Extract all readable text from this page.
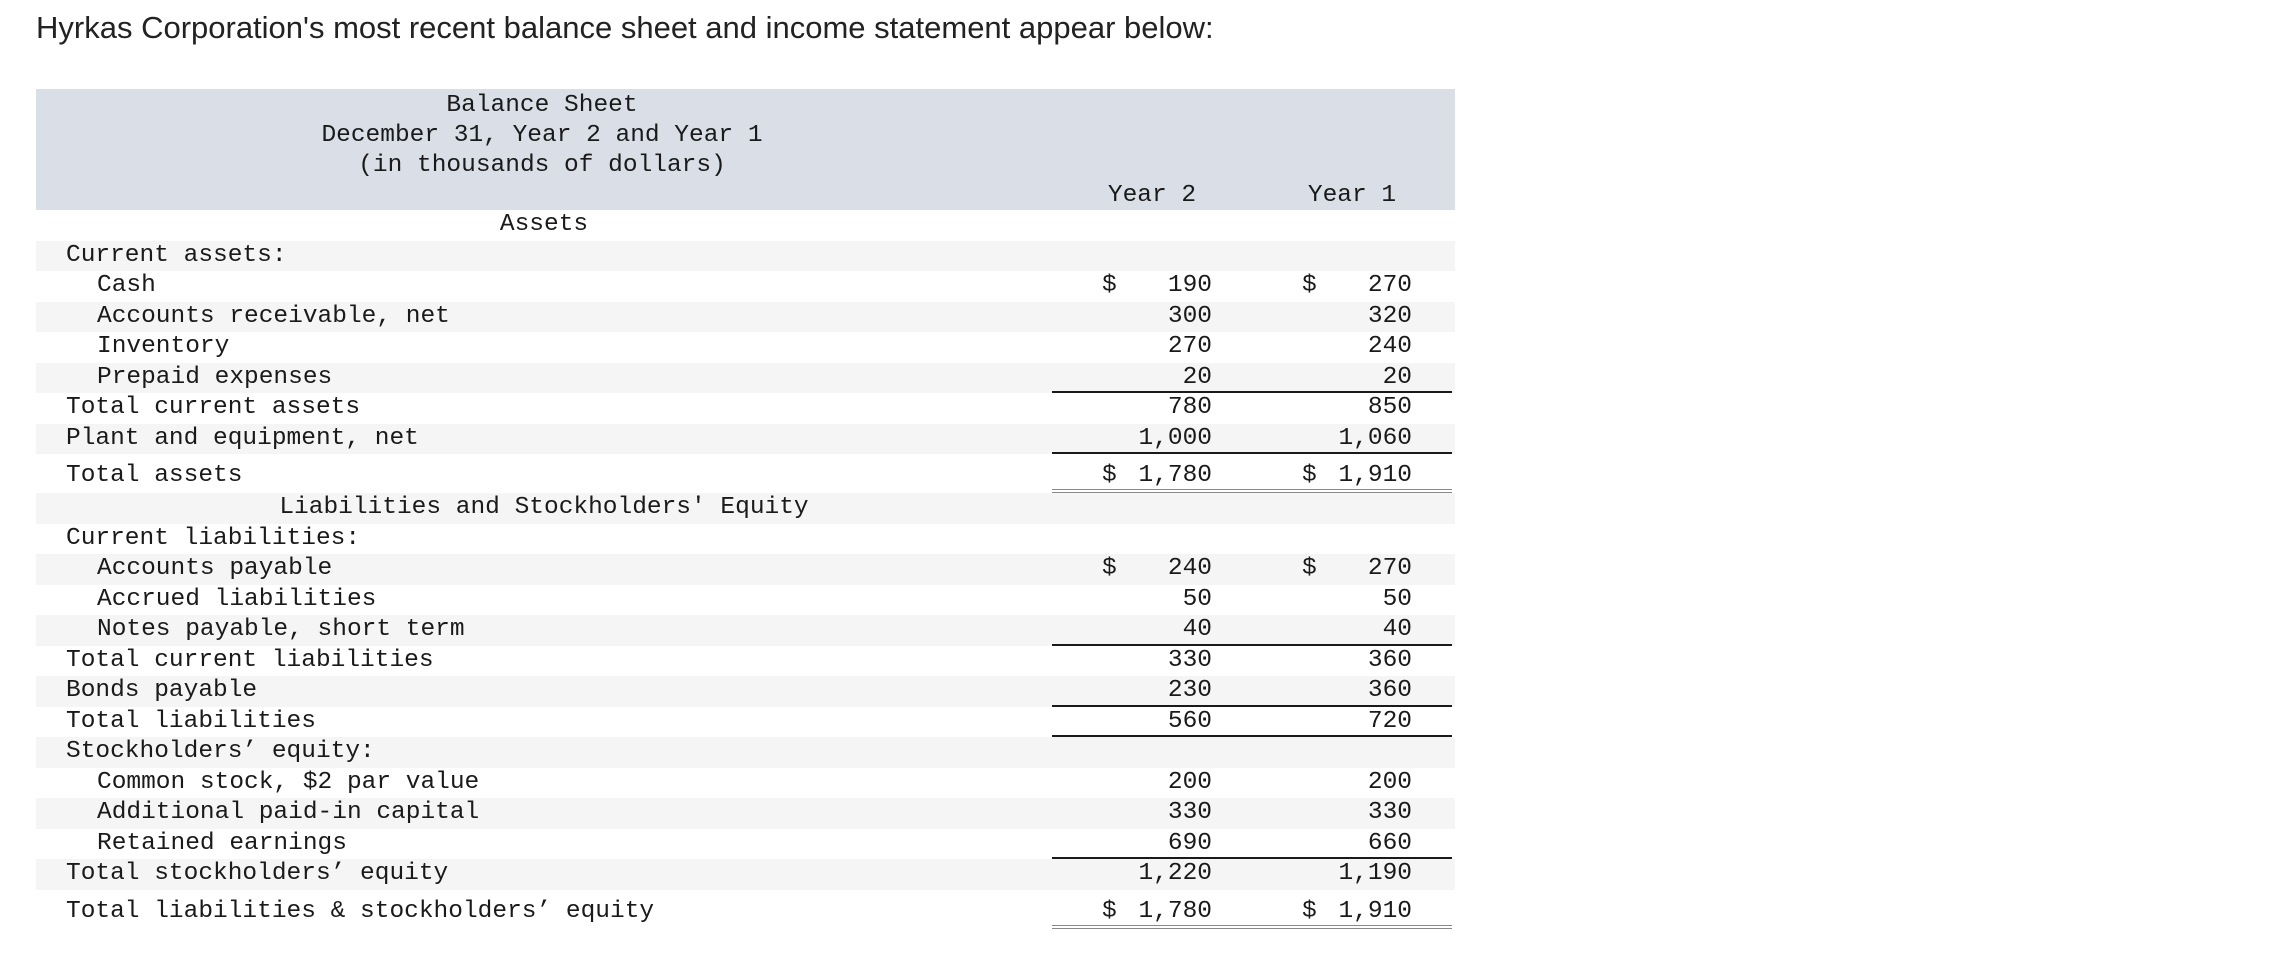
Hyrkas Corporation's most recent balance sheet and income statement appear below:
Balance Sheet
December 31, Year 2 and Year 1
(in thousands of dollars)
Year 2	Year 1
Assets
Current assets:
Cash	$ 190	$ 270
Accounts receivable, net	300	320
Inventory	270	240
Prepaid expenses	20	20
Total current assets	780	850
Plant and equipment, net	1,000	1,060
Total assets	$ 1,780	$ 1,910
Liabilities and Stockholders' Equity
Current liabilities:
Accounts payable	$ 240	$ 270
Accrued liabilities	50	50
Notes payable, short term	40	40
Total current liabilities	330	360
Bonds payable	230	360
Total liabilities	560	720
Stockholders’ equity:
Common stock, $2 par value	200	200
Additional paid-in capital	330	330
Retained earnings	690	660
Total stockholders’ equity	1,220	1,190
Total liabilities & stockholders’ equity	$ 1,780	$ 1,910
